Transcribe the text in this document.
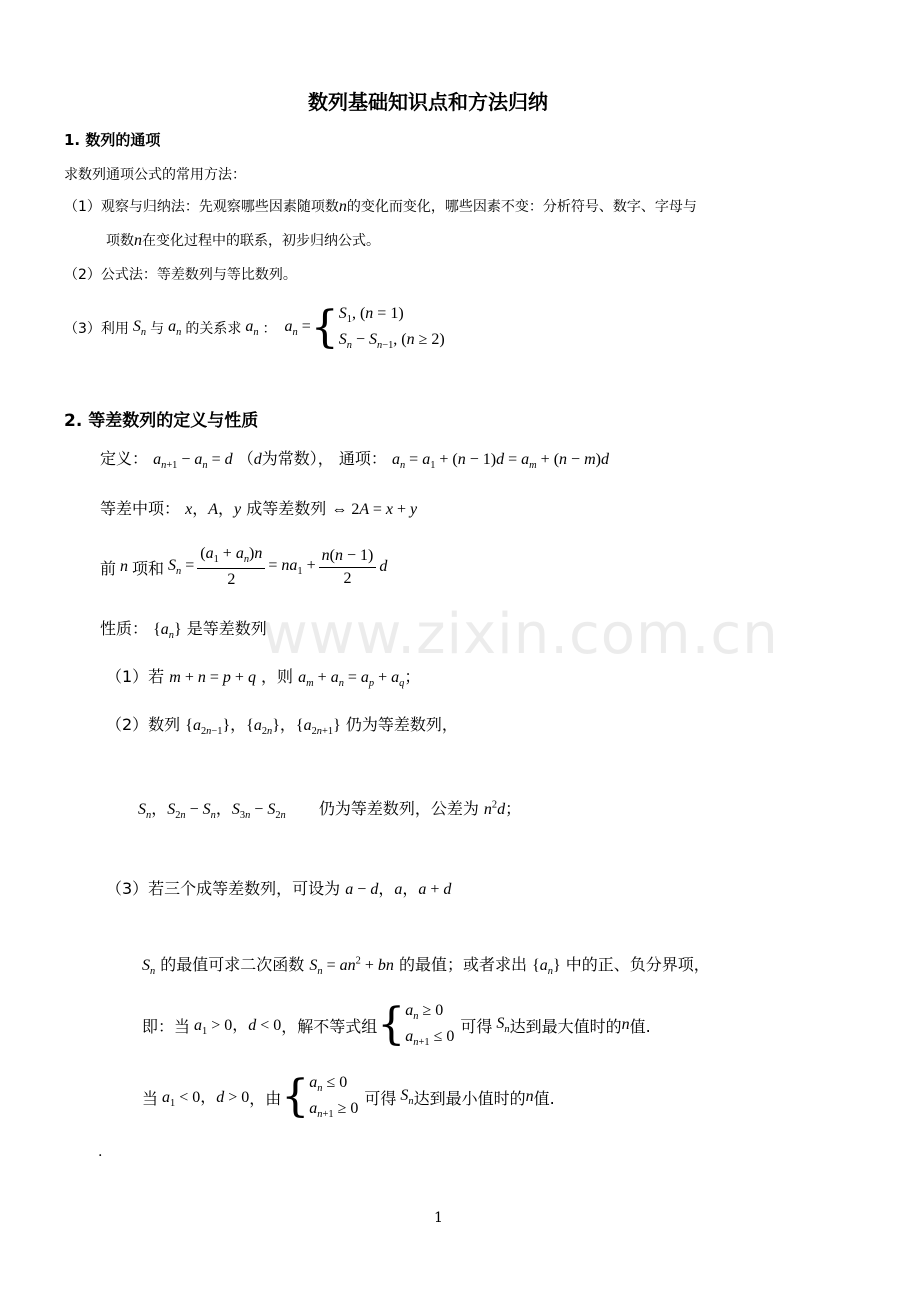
www.zixin.com.cn
数列基础知识点和方法归纳
1. 数列的通项
求数列通项公式的常用方法：
（1）观察与归纳法：先观察哪些因素随项数n的变化而变化，哪些因素不变：分析符号、数字、字母与
项数n在变化过程中的联系，初步归纳公式。
（2）公式法：等差数列与等比数列。
（3）利用 $S_n$ 与 $a_n$ 的关系求 $a_n$ ： $a_n$ = { $S_1$, (n = 1)
$S_n - S_{n-1}$, (n ≥ 2)
2. 等差数列的定义与性质
定义： $a_{n+1} - a_n = d$ （d为常数）， 通项： $a_n = a_1 + (n - 1)d = a_m + (n - m)d$
等差中项： x，A，y 成等差数列 ⇔ 2A = x + y
前 n 项和 $S_n = \frac{(a_1 + a_n)n}{2} = na_1 + \frac{n(n - 1)}{2}$ d
性质： $\{a_n\}$ 是等差数列
（1）若 m + n = p + q ，则 $a_m + a_n = a_p + a_q$；
（2）数列 $\{a_{2n-1}\}$，$\{a_{2n}\}$，$\{a_{2n+1}\}$ 仍为等差数列，
$S_n$，$S_{2n} - S_n$，$S_{3n} - S_{2n}$ 仍为等差数列，公差为 $n^2d$；
（3）若三个成等差数列，可设为 a − d，a，a + d
$S_n$ 的最值可求二次函数 $S_n = an^2$ + bn 的最值；或者求出 $\{a_n\}$ 中的正、负分界项，
即：当 $a_1 > 0$，d < 0 ，解不等式组 { $a_n \ge 0$
$a_{n+1} \le 0$
可得 $S_n$ 达到最大值时的 n 值.
当 $a_1 < 0$，d > 0 ，由 { $a_n \le 0$
$a_{n+1} \ge 0$
可得 $S_n$ 达到最小值时的 n 值.
.
1
